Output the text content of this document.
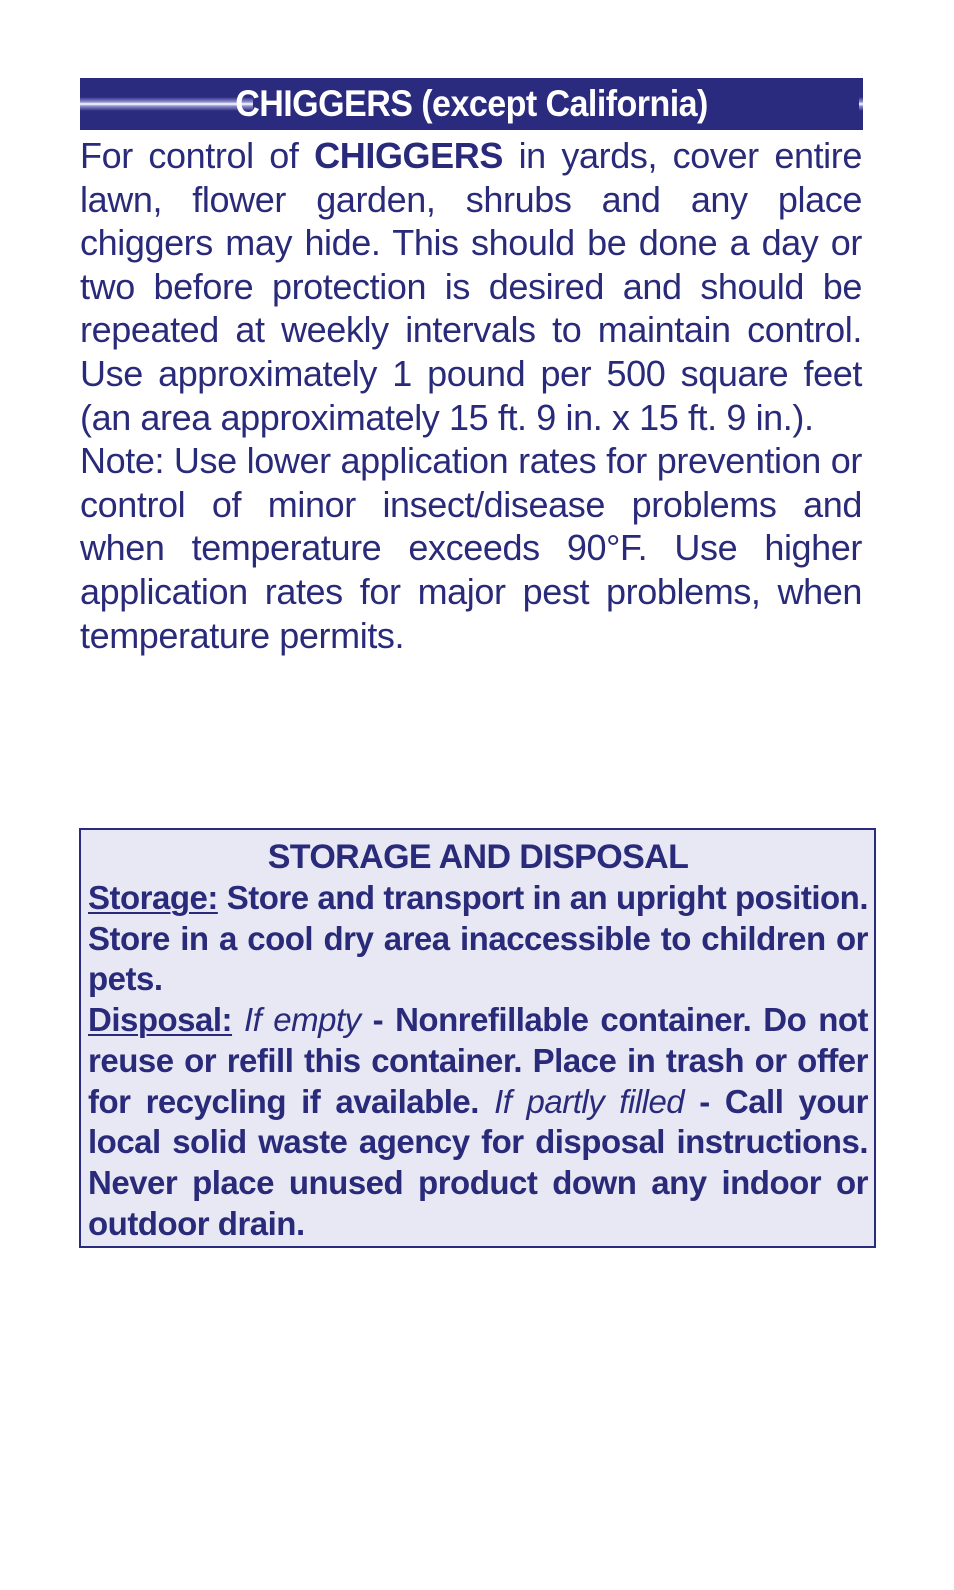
CHIGGERS (except California)

For control of CHIGGERS in yards, cover entire lawn, flower garden, shrubs and any place chiggers may hide. This should be done a day or two before protection is desired and should be repeated at weekly intervals to maintain control. Use approximately 1 pound per 500 square feet (an area approximately 15 ft. 9 in. x 15 ft. 9 in.).

Note: Use lower application rates for prevention or control of minor insect/disease problems and when temperature exceeds 90°F. Use higher application rates for major pest problems, when temperature permits.

STORAGE AND DISPOSAL

Storage: Store and transport in an upright position. Store in a cool dry area inaccessible to children or pets.

Disposal: If empty - Nonrefillable container. Do not reuse or refill this container. Place in trash or offer for recycling if available. If partly filled - Call your local solid waste agency for disposal instructions. Never place unused product down any indoor or outdoor drain.
